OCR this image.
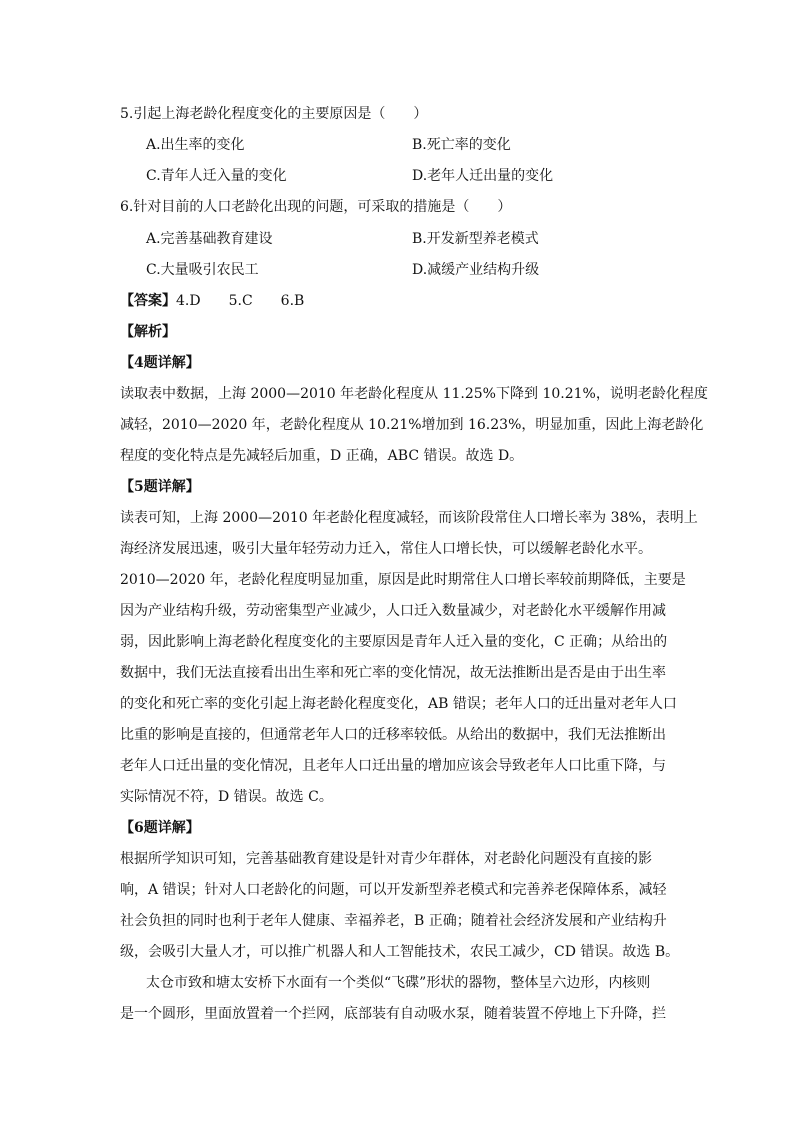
5.引起上海老龄化程度变化的主要原因是（　　）
A.出生率的变化	B.死亡率的变化
C.青年人迁入量的变化	D.老年人迁出量的变化
6.针对目前的人口老龄化出现的问题，可采取的措施是（　　）
A.完善基础教育建设	B.开发新型养老模式
C.大量吸引农民工	D.减缓产业结构升级
【答案】4.D 5.C 6.B
【解析】
【4题详解】
读取表中数据，上海 2000—2010 年老龄化程度从 11.25%下降到 10.21%，说明老龄化程度
减轻，2010—2020 年，老龄化程度从 10.21%增加到 16.23%，明显加重，因此上海老龄化
程度的变化特点是先减轻后加重，D 正确，ABC 错误。故选 D。
【5题详解】
读表可知，上海 2000—2010 年老龄化程度减轻，而该阶段常住人口增长率为 38%，表明上
海经济发展迅速，吸引大量年轻劳动力迁入，常住人口增长快，可以缓解老龄化水平。
2010—2020 年，老龄化程度明显加重，原因是此时期常住人口增长率较前期降低，主要是
因为产业结构升级，劳动密集型产业减少，人口迁入数量减少，对老龄化水平缓解作用减
弱，因此影响上海老龄化程度变化的主要原因是青年人迁入量的变化，C 正确；从给出的
数据中，我们无法直接看出出生率和死亡率的变化情况，故无法推断出是否是由于出生率
的变化和死亡率的变化引起上海老龄化程度变化，AB 错误；老年人口的迁出量对老年人口
比重的影响是直接的，但通常老年人口的迁移率较低。从给出的数据中，我们无法推断出
老年人口迁出量的变化情况，且老年人口迁出量的增加应该会导致老年人口比重下降，与
实际情况不符，D 错误。故选 C。
【6题详解】
根据所学知识可知，完善基础教育建设是针对青少年群体，对老龄化问题没有直接的影
响，A 错误；针对人口老龄化的问题，可以开发新型养老模式和完善养老保障体系，减轻
社会负担的同时也利于老年人健康、幸福养老，B 正确；随着社会经济发展和产业结构升
级，会吸引大量人才，可以推广机器人和人工智能技术，农民工减少，CD 错误。故选 B。
太仓市致和塘太安桥下水面有一个类似“飞碟”形状的器物，整体呈六边形，内核则
是一个圆形，里面放置着一个拦网，底部装有自动吸水泵，随着装置不停地上下升降，拦
